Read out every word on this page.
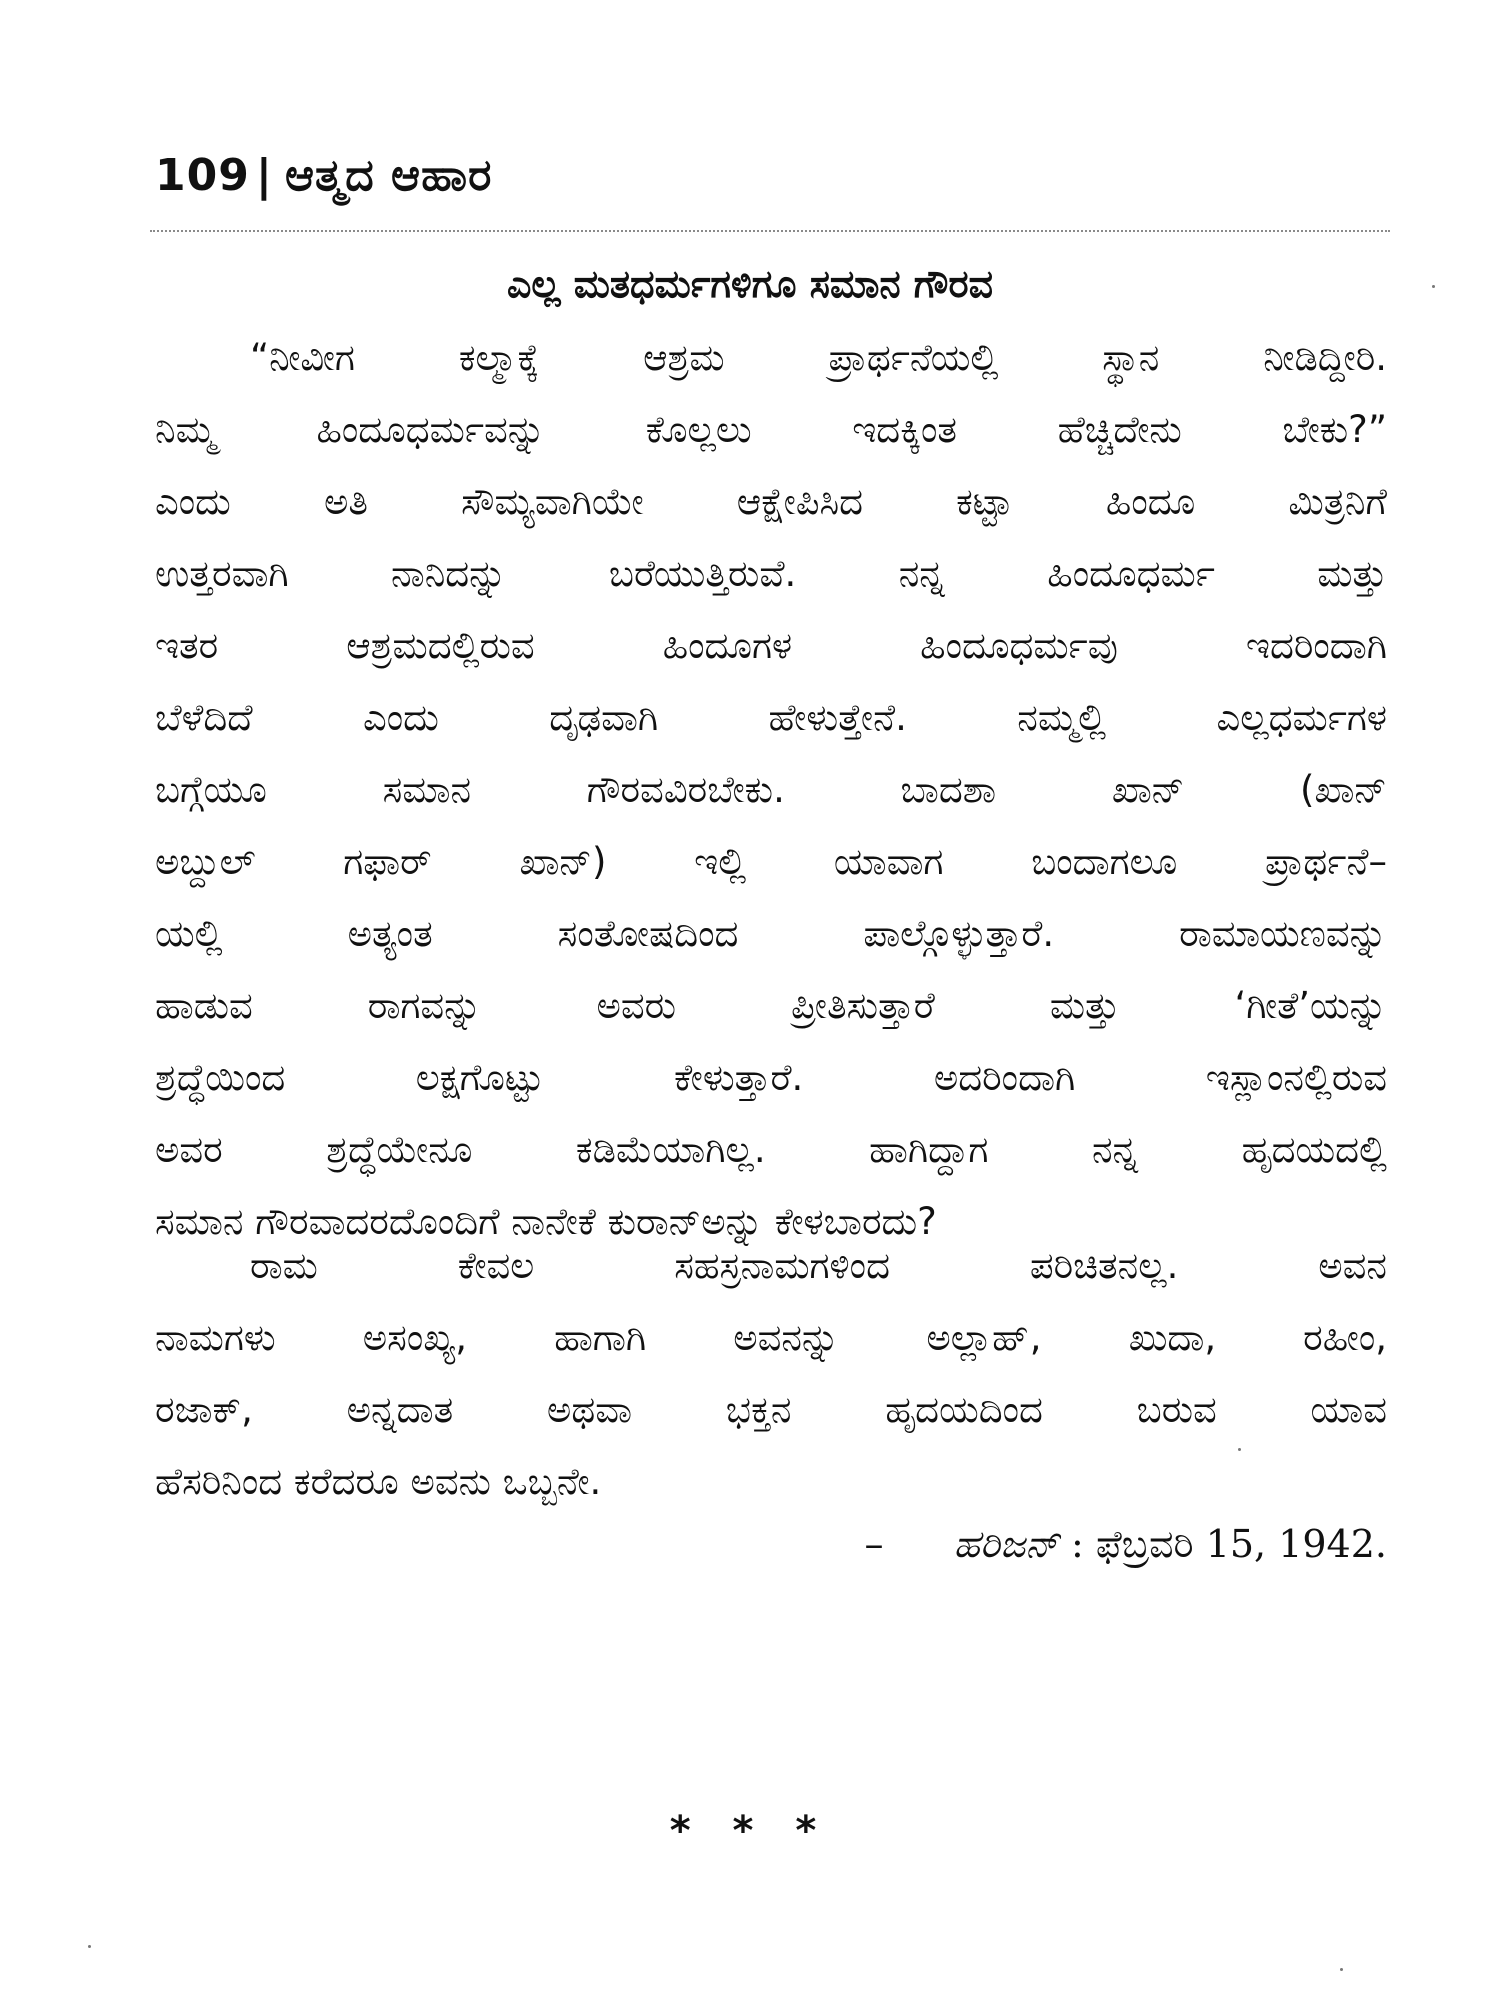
109 | ಆತ್ಮದ ಆಹಾರ
ಎಲ್ಲ ಮತಧರ್ಮಗಳಿಗೂ ಸಮಾನ ಗೌರವ
“ನೀವೀಗ ಕಲ್ಮಾಕ್ಕೆ ಆಶ್ರಮ ಪ್ರಾರ್ಥನೆಯಲ್ಲಿ ಸ್ಥಾನ ನೀಡಿದ್ದೀರಿ.
ನಿಮ್ಮ ಹಿಂದೂಧರ್ಮವನ್ನು ಕೊಲ್ಲಲು ಇದಕ್ಕಿಂತ ಹೆಚ್ಚಿದೇನು ಬೇಕು?”
ಎಂದು ಅತಿ ಸೌಮ್ಯವಾಗಿಯೇ ಆಕ್ಷೇಪಿಸಿದ ಕಟ್ಟಾ ಹಿಂದೂ ಮಿತ್ರನಿಗೆ
ಉತ್ತರವಾಗಿ ನಾನಿದನ್ನು ಬರೆಯುತ್ತಿರುವೆ. ನನ್ನ ಹಿಂದೂಧರ್ಮ ಮತ್ತು
ಇತರ ಆಶ್ರಮದಲ್ಲಿರುವ ಹಿಂದೂಗಳ ಹಿಂದೂಧರ್ಮವು ಇದರಿಂದಾಗಿ
ಬೆಳೆದಿದೆ ಎಂದು ದೃಢವಾಗಿ ಹೇಳುತ್ತೇನೆ. ನಮ್ಮಲ್ಲಿ ಎಲ್ಲಧರ್ಮಗಳ
ಬಗ್ಗೆಯೂ ಸಮಾನ ಗೌರವವಿರಬೇಕು. ಬಾದಶಾ ಖಾನ್ (ಖಾನ್
ಅಬ್ದುಲ್ ಗಫಾರ್ ಖಾನ್) ಇಲ್ಲಿ ಯಾವಾಗ ಬಂದಾಗಲೂ ಪ್ರಾರ್ಥನೆ–
ಯಲ್ಲಿ ಅತ್ಯಂತ ಸಂತೋಷದಿಂದ ಪಾಲ್ಗೊಳ್ಳುತ್ತಾರೆ. ರಾಮಾಯಣವನ್ನು
ಹಾಡುವ ರಾಗವನ್ನು ಅವರು ಪ್ರೀತಿಸುತ್ತಾರೆ ಮತ್ತು ‘ಗೀತೆ’ಯನ್ನು
ಶ್ರದ್ಧೆಯಿಂದ ಲಕ್ಷಗೊಟ್ಟು ಕೇಳುತ್ತಾರೆ. ಅದರಿಂದಾಗಿ ಇಸ್ಲಾಂನಲ್ಲಿರುವ
ಅವರ ಶ್ರದ್ಧೆಯೇನೂ ಕಡಿಮೆಯಾಗಿಲ್ಲ. ಹಾಗಿದ್ದಾಗ ನನ್ನ ಹೃದಯದಲ್ಲಿ
ಸಮಾನ ಗೌರವಾದರದೊಂದಿಗೆ ನಾನೇಕೆ ಕುರಾನ್‌ಅನ್ನು ಕೇಳಬಾರದು?
ರಾಮ ಕೇವಲ ಸಹಸ್ರನಾಮಗಳಿಂದ ಪರಿಚಿತನಲ್ಲ. ಅವನ
ನಾಮಗಳು ಅಸಂಖ್ಯ, ಹಾಗಾಗಿ ಅವನನ್ನು ಅಲ್ಲಾಹ್, ಖುದಾ, ರಹೀಂ,
ರಜಾಕ್, ಅನ್ನದಾತ ಅಥವಾ ಭಕ್ತನ ಹೃದಯದಿಂದ ಬರುವ ಯಾವ
ಹೆಸರಿನಿಂದ ಕರೆದರೂ ಅವನು ಒಬ್ಬನೇ.
– ಹರಿಜನ್ : ಫೆಬ್ರವರಿ 15, 1942.
* * *
